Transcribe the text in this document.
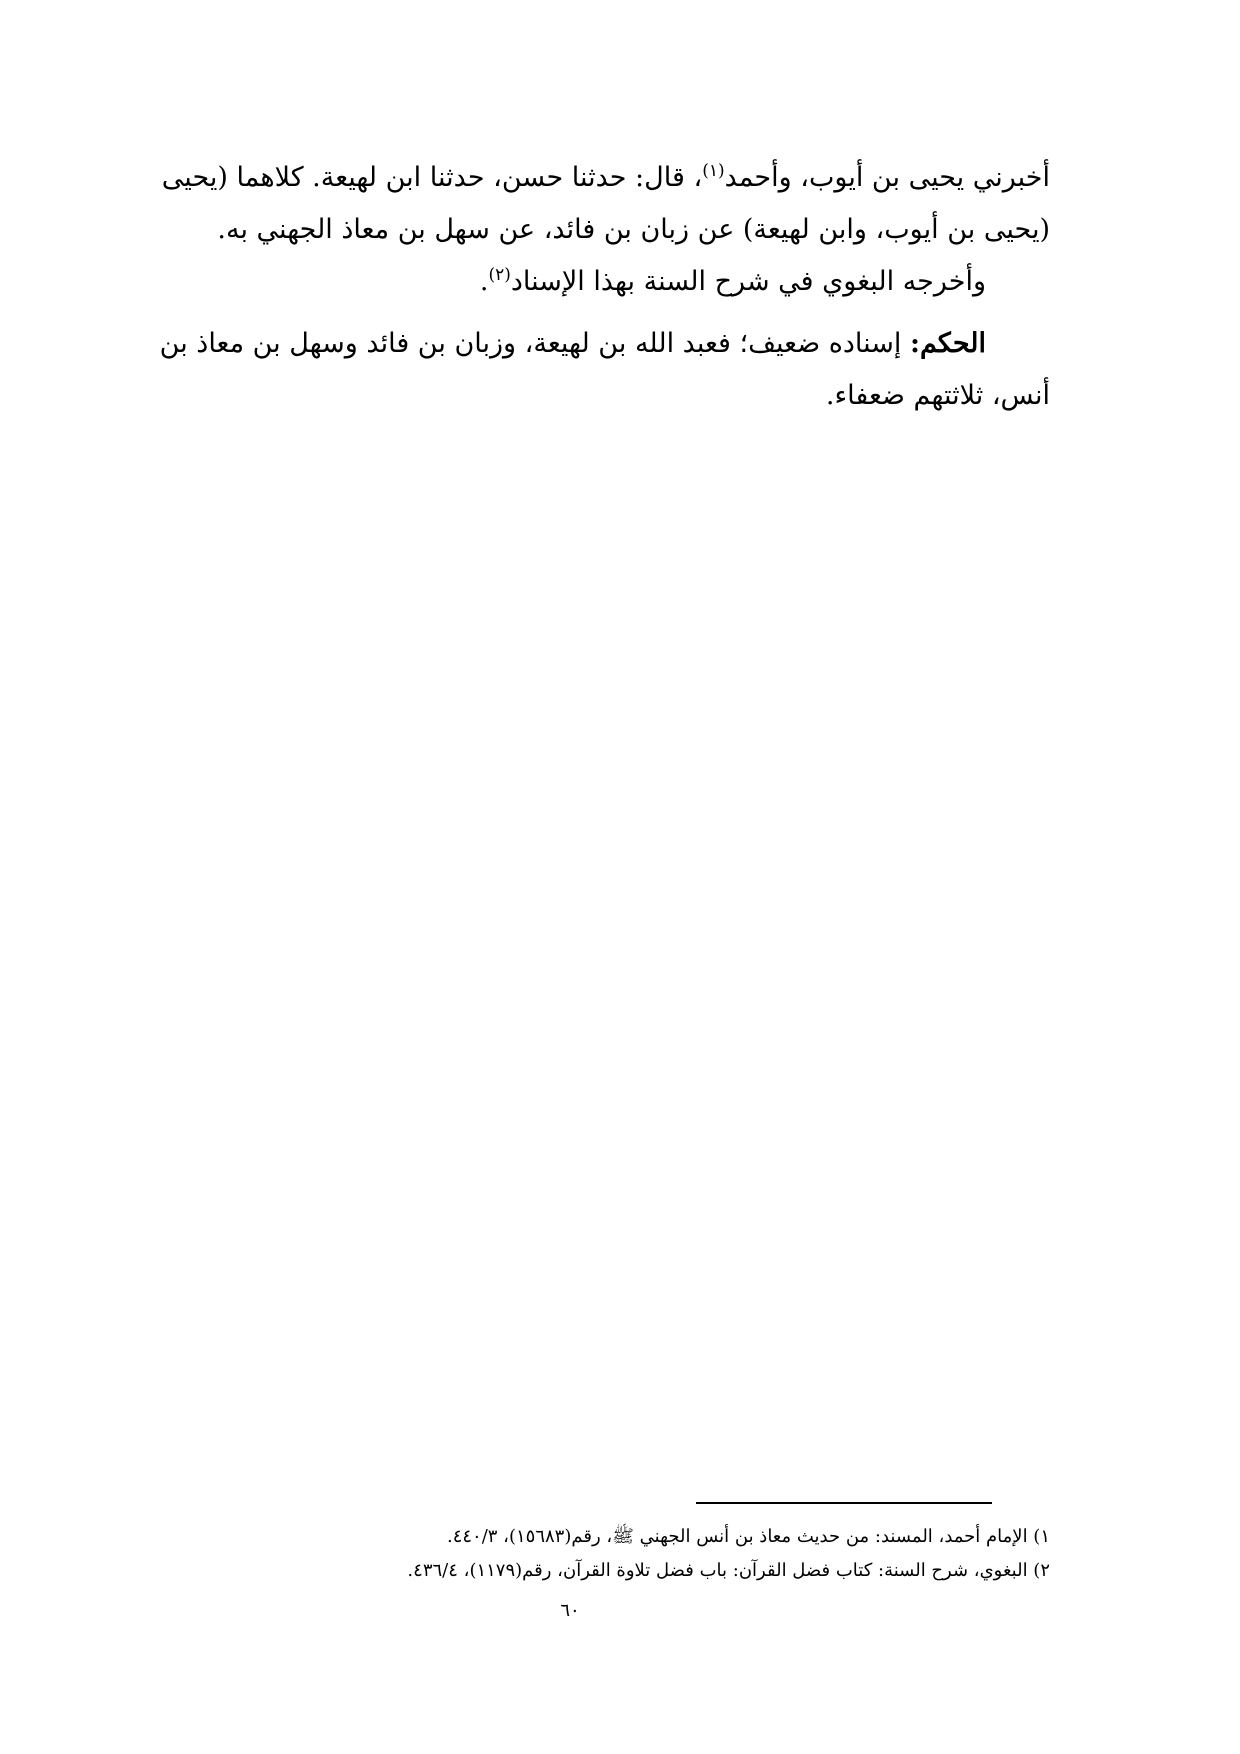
أخبرني يحيى بن أيوب، وأحمد$^{(١)}$، قال: حدثنا حسن، حدثنا ابن لهيعة. كلاهما (يحيى
(يحيى بن أيوب، وابن لهيعة) عن زبان بن فائد، عن سهل بن معاذ الجهني به.
وأخرجه البغوي في شرح السنة بهذا الإسناد$^{(٢)}$.
الحكم: إسناده ضعيف؛ فعبد الله بن لهيعة، وزبان بن فائد وسهل بن معاذ بن
أنس، ثلاثتهم ضعفاء.
١) الإمام أحمد، المسند: من حديث معاذ بن أنس الجهني ﷺ، رقم(١٥٦٨٣)، ٤٤٠/٣.
٢) البغوي، شرح السنة: كتاب فضل القرآن: باب فضل تلاوة القرآن، رقم(١١٧٩)، ٤٣٦/٤.
٦٠
